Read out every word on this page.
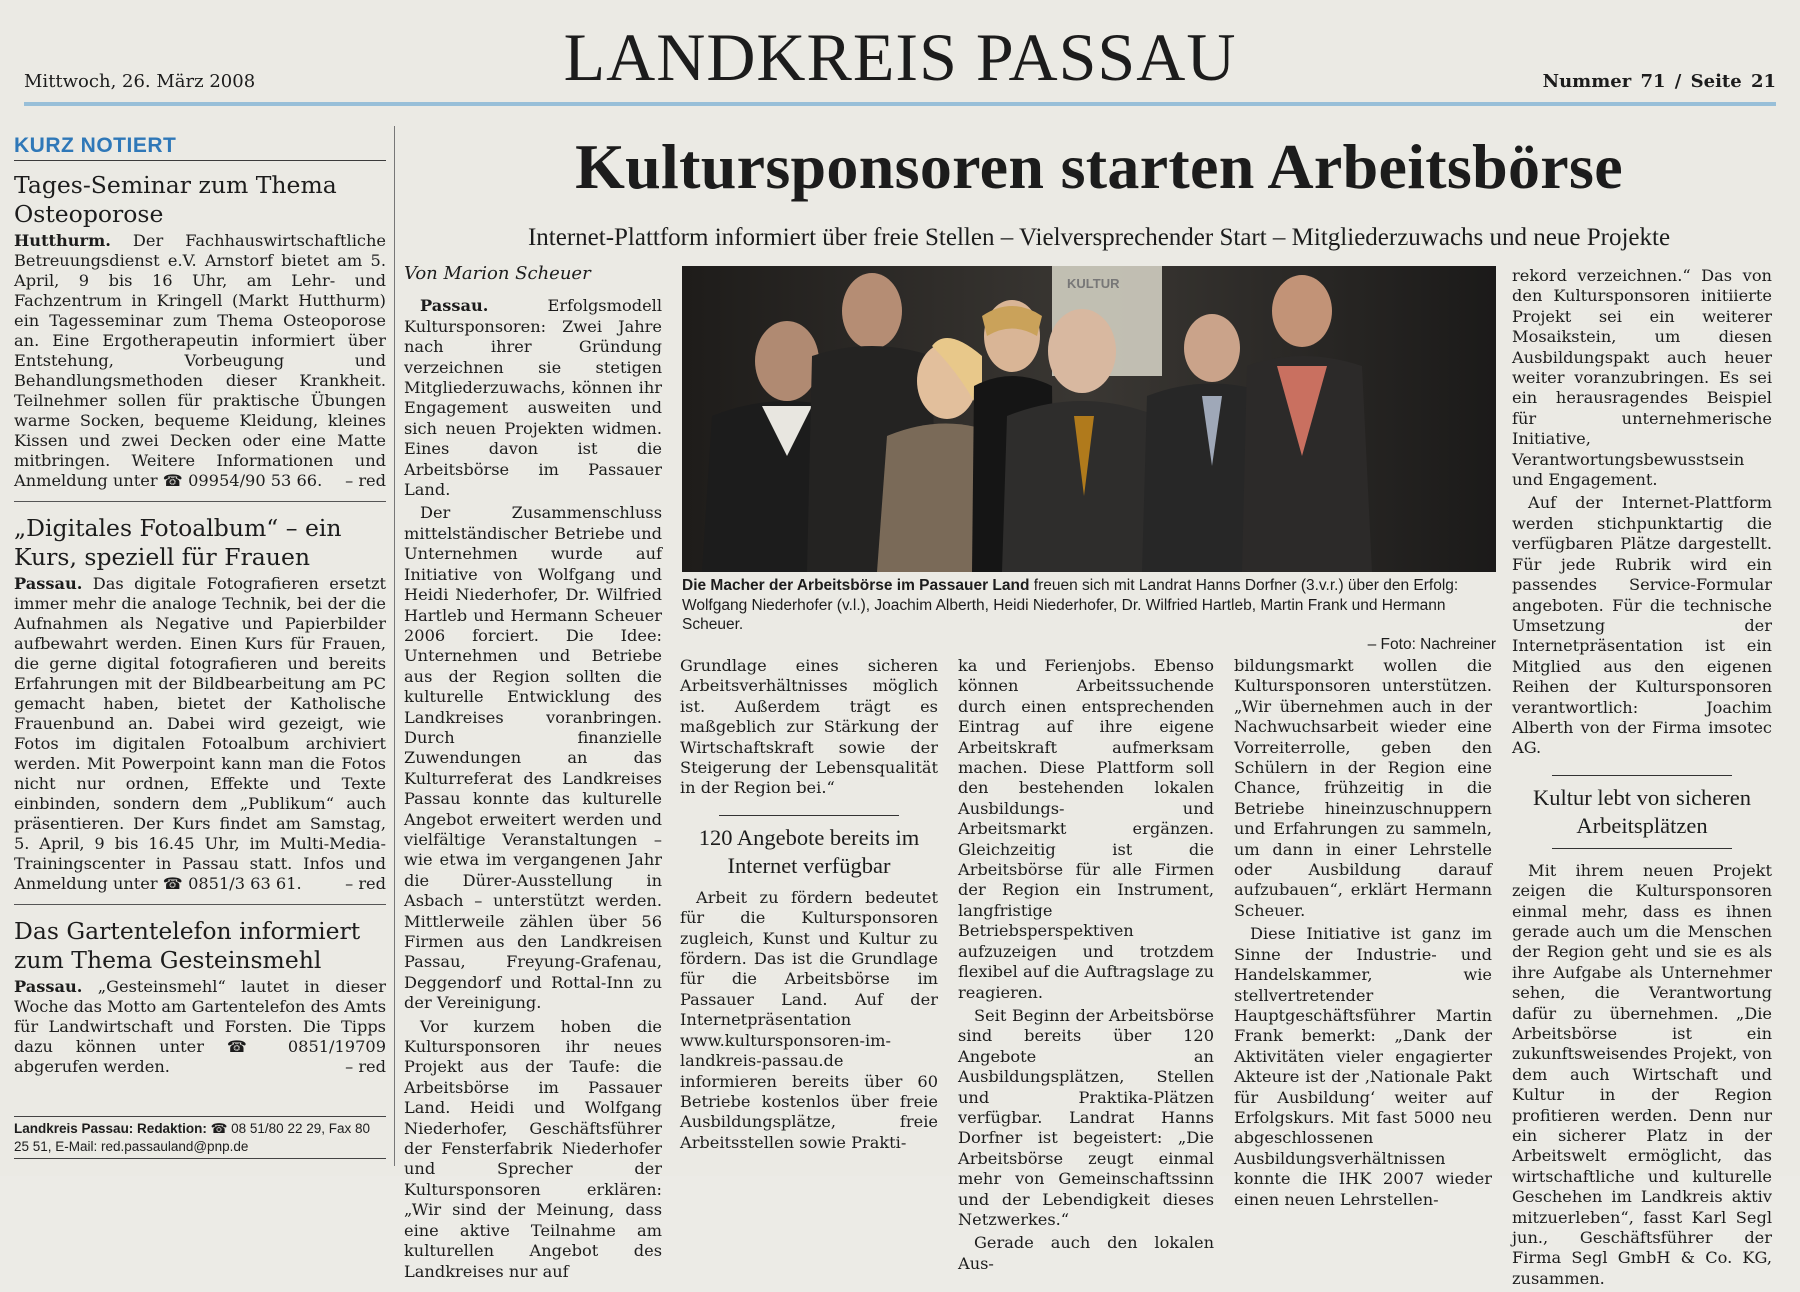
Mittwoch, 26. März 2008	LANDKREIS PASSAU	Nummer 71 / Seite 21
KURZ NOTIERT
Tages-Seminar zum Thema Osteoporose
Hutthurm. Der Fachhauswirtschaftliche Betreuungsdienst e.V. Arnstorf bietet am 5. April, 9 bis 16 Uhr, am Lehr- und Fachzentrum in Kringell (Markt Hutthurm) ein Tagesseminar zum Thema Osteoporose an. Eine Ergotherapeutin informiert über Entstehung, Vorbeugung und Behandlungsmethoden dieser Krankheit. Teilnehmer sollen für praktische Übungen warme Socken, bequeme Kleidung, kleines Kissen und zwei Decken oder eine Matte mitbringen. Weitere Informationen und Anmeldung unter ☎ 09954/90 53 66. – red
„Digitales Fotoalbum“ – ein Kurs, speziell für Frauen
Passau. Das digitale Fotografieren ersetzt immer mehr die analoge Technik, bei der die Aufnahmen als Negative und Papierbilder aufbewahrt werden. Einen Kurs für Frauen, die gerne digital fotografieren und bereits Erfahrungen mit der Bildbearbeitung am PC gemacht haben, bietet der Katholische Frauenbund an. Dabei wird gezeigt, wie Fotos im digitalen Fotoalbum archiviert werden. Mit Powerpoint kann man die Fotos nicht nur ordnen, Effekte und Texte einbinden, sondern dem „Publikum“ auch präsentieren. Der Kurs findet am Samstag, 5. April, 9 bis 16.45 Uhr, im Multi-Media-Trainingscenter in Passau statt. Infos und Anmeldung unter ☎ 0851/3 63 61.	– red
Das Gartentelefon informiert zum Thema Gesteinsmehl
Passau. „Gesteinsmehl“ lautet in dieser Woche das Motto am Gartentelefon des Amts für Landwirtschaft und Forsten. Die Tipps dazu können unter ☎ 0851/19709 abgerufen werden.	– red
Landkreis Passau: Redaktion: ☎ 08 51/80 22 29, Fax 80 25 51, E-Mail: red.passauland@pnp.de
Kultursponsoren starten Arbeitsbörse
Internet-Plattform informiert über freie Stellen – Vielversprechender Start – Mitgliederzuwachs und neue Projekte
Von Marion Scheuer

Passau.	Erfolgsmodell Kultursponsoren: Zwei Jahre nach ihrer Gründung verzeichnen sie stetigen Mitgliederzuwachs, können ihr Engagement ausweiten und sich neuen Projekten widmen. Eines davon ist die Arbeitsbörse im Passauer Land.

Der Zusammenschluss mittelständischer Betriebe und Unternehmen wurde auf Initiative von Wolfgang und Heidi Niederhofer, Dr. Wilfried Hartleb und Hermann Scheuer 2006 forciert. Die Idee: Unternehmen und Betriebe aus der Region sollten die kulturelle Entwicklung des Landkreises voranbringen. Durch finanzielle Zuwendungen an das Kulturreferat des Landkreises Passau konnte das kulturelle Angebot erweitert werden und vielfältige Veranstaltungen – wie etwa im vergangenen Jahr die Dürer-Ausstellung in Asbach – unterstützt werden. Mittlerweile zählen über 56 Firmen aus den Landkreisen Passau, Freyung-Grafenau, Deggendorf und Rottal-Inn zu der Vereinigung.

Vor kurzem hoben die Kultursponsoren ihr neues Projekt aus der Taufe: die Arbeitsbörse im Passauer Land. Heidi und Wolfgang Niederhofer, Geschäftsführer der Fensterfabrik Niederhofer und Sprecher der Kultursponsoren erklären: „Wir sind der Meinung, dass eine aktive Teilnahme am kulturellen Angebot des Landkreises nur auf

KULTUR
Die Macher der Arbeitsbörse im Passauer Land freuen sich mit Landrat Hanns Dorfner (3.v.r.) über den Erfolg: Wolfgang Niederhofer (v.l.), Joachim Alberth, Heidi Niederhofer, Dr. Wilfried Hartleb, Martin Frank und Hermann Scheuer.
– Foto: Nachreiner

Grundlage eines sicheren Arbeitsverhältnisses möglich ist. Außerdem trägt es maßgeblich zur Stärkung der Wirtschaftskraft sowie der Steigerung der Lebensqualität in der Region bei.“

120 Angebote bereits im Internet verfügbar

Arbeit zu fördern bedeutet für die Kultursponsoren zugleich, Kunst und Kultur zu fördern. Das ist die Grundlage für die Arbeitsbörse im Passauer Land. Auf der Internetpräsentation www.kultursponsoren-im-landkreis-passau.de informieren bereits über 60 Betriebe kostenlos über freie Ausbildungsplätze, freie Arbeitsstellen sowie Prakti-

ka und Ferienjobs. Ebenso können Arbeitssuchende durch einen entsprechenden Eintrag auf ihre eigene Arbeitskraft aufmerksam machen. Diese Plattform soll den bestehenden lokalen Ausbildungs- und Arbeitsmarkt ergänzen. Gleichzeitig ist die Arbeitsbörse für alle Firmen der Region ein Instrument, langfristige Betriebsperspektiven aufzuzeigen und trotzdem flexibel auf die Auftragslage zu reagieren.

Seit Beginn der Arbeitsbörse sind bereits über 120 Angebote an Ausbildungsplätzen, Stellen und Praktika-Plätzen verfügbar. Landrat Hanns Dorfner ist begeistert: „Die Arbeitsbörse zeugt einmal mehr von Gemeinschaftssinn und der Lebendigkeit dieses Netzwerkes.“

Gerade auch den lokalen Aus-

bildungsmarkt wollen die Kultursponsoren unterstützen. „Wir übernehmen auch in der Nachwuchsarbeit wieder eine Vorreiterrolle, geben den Schülern in der Region eine Chance, frühzeitig in die Betriebe hineinzuschnuppern und Erfahrungen zu sammeln, um dann in einer Lehrstelle oder Ausbildung darauf aufzubauen“, erklärt Hermann Scheuer.

Diese Initiative ist ganz im Sinne der Industrie- und Handelskammer, wie stellvertretender Hauptgeschäftsführer Martin Frank bemerkt: „Dank der Aktivitäten vieler engagierter Akteure ist der ‚Nationale Pakt für Ausbildung‘ weiter auf Erfolgskurs. Mit fast 5000 neu abgeschlossenen Ausbildungsverhältnissen konnte die IHK 2007 wieder einen neuen Lehrstellen-

rekord verzeichnen.“ Das von den Kultursponsoren initiierte Projekt sei ein weiterer Mosaikstein, um diesen Ausbildungspakt auch heuer weiter voranzubringen. Es sei ein herausragendes Beispiel für unternehmerische Initiative, Verantwortungsbewusstsein und Engagement.

Auf der Internet-Plattform werden stichpunktartig die verfügbaren Plätze dargestellt. Für jede Rubrik wird ein passendes Service-Formular angeboten. Für die technische Umsetzung der Internetpräsentation ist ein Mitglied aus den eigenen Reihen der Kultursponsoren verantwortlich: Joachim Alberth von der Firma imsotec AG.

Kultur lebt von sicheren Arbeitsplätzen

Mit ihrem neuen Projekt zeigen die Kultursponsoren einmal mehr, dass es ihnen gerade auch um die Menschen der Region geht und sie es als ihre Aufgabe als Unternehmer sehen, die Verantwortung dafür zu übernehmen. „Die Arbeitsbörse ist ein zukunftsweisendes Projekt, von dem auch Wirtschaft und Kultur in der Region profitieren werden. Denn nur ein sicherer Platz in der Arbeitswelt ermöglicht, das wirtschaftliche und kulturelle Geschehen im Landkreis aktiv mitzuerleben“, fasst Karl Segl jun., Geschäftsführer der Firma Segl GmbH & Co. KG, zusammen.
